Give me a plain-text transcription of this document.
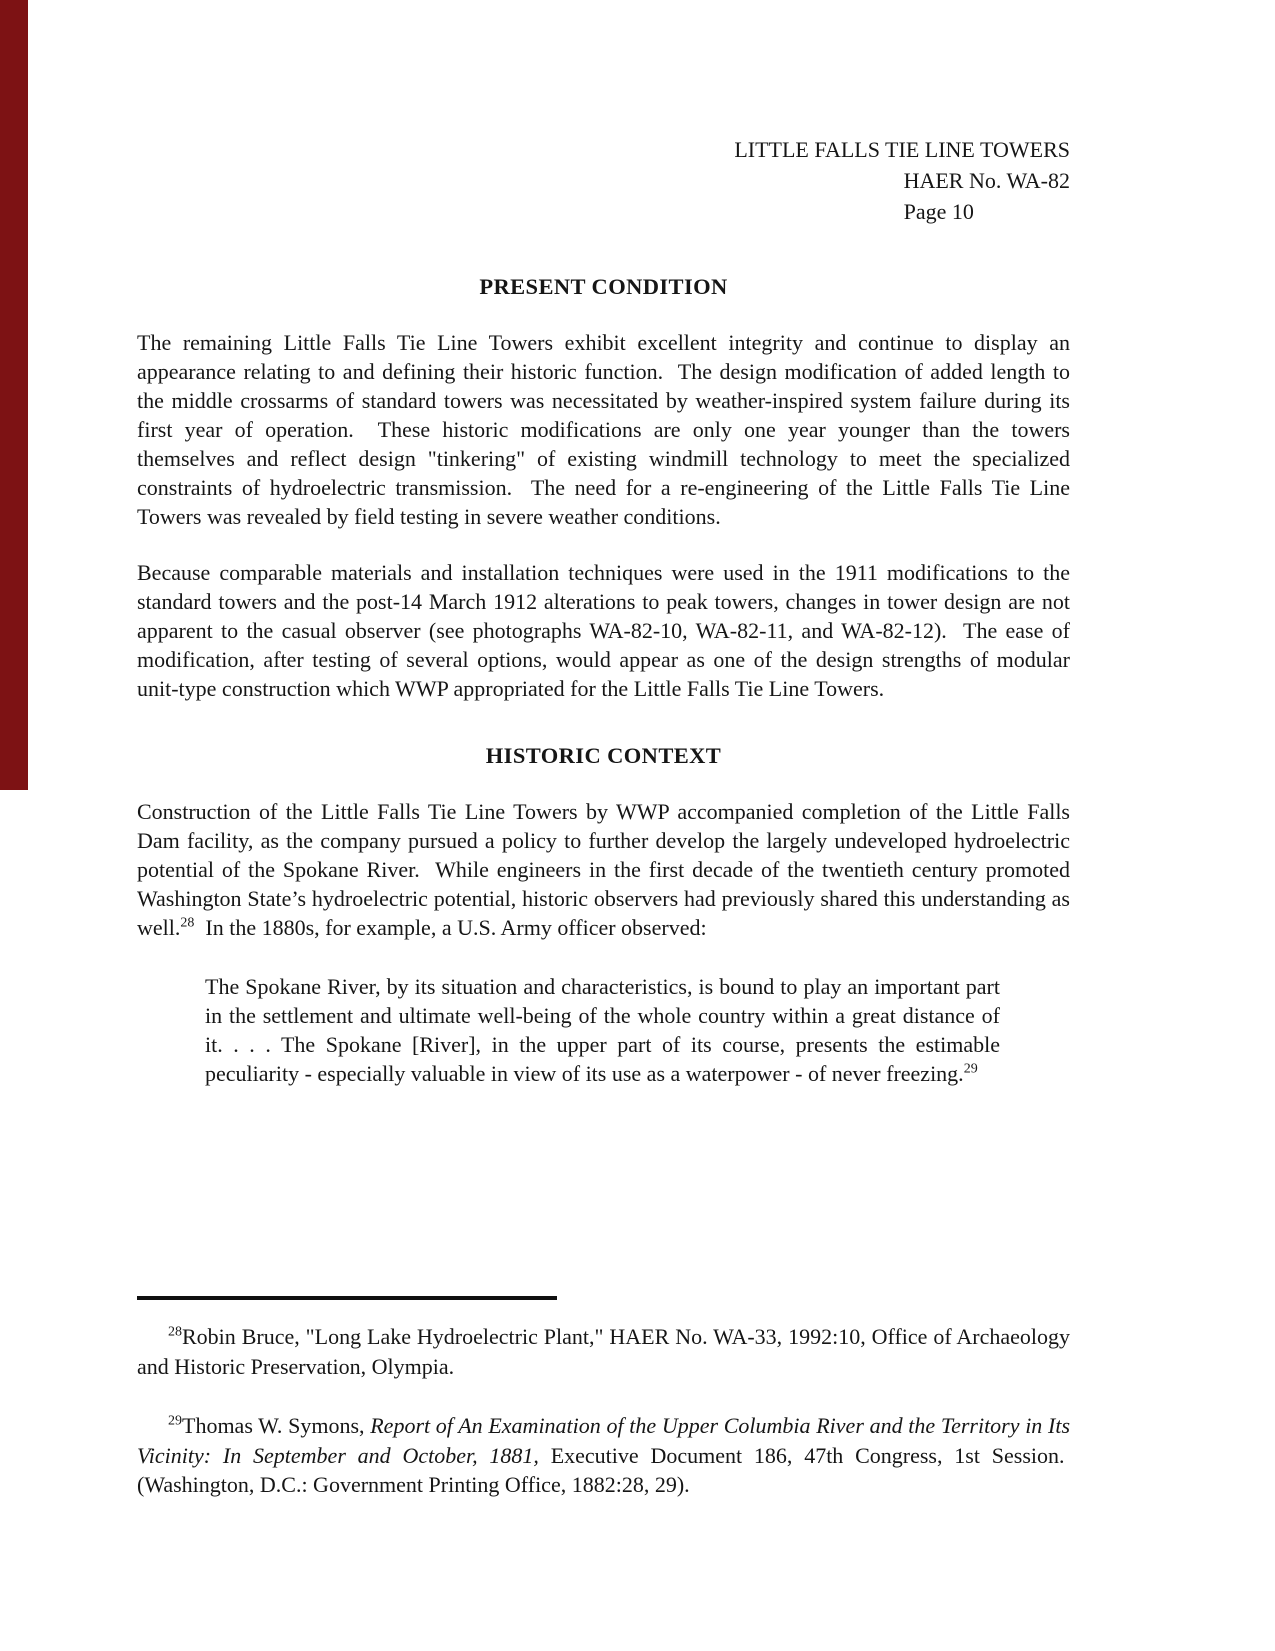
LITTLE FALLS TIE LINE TOWERS
HAER No. WA-82
Page 10
PRESENT CONDITION

The remaining Little Falls Tie Line Towers exhibit excellent integrity and continue to display an appearance relating to and defining their historic function.  The design modification of added length to the middle crossarms of standard towers was necessitated by weather-inspired system failure during its first year of operation.  These historic modifications are only one year younger than the towers themselves and reflect design "tinkering" of existing windmill technology to meet the specialized constraints of hydroelectric transmission.  The need for a re-engineering of the Little Falls Tie Line Towers was revealed by field testing in severe weather conditions.

Because comparable materials and installation techniques were used in the 1911 modifications to the standard towers and the post-14 March 1912 alterations to peak towers, changes in tower design are not apparent to the casual observer (see photographs WA-82-10, WA-82-11, and WA-82-12).  The ease of modification, after testing of several options, would appear as one of the design strengths of modular unit-type construction which WWP appropriated for the Little Falls Tie Line Towers.

HISTORIC CONTEXT

Construction of the Little Falls Tie Line Towers by WWP accompanied completion of the Little Falls Dam facility, as the company pursued a policy to further develop the largely undeveloped hydroelectric potential of the Spokane River.  While engineers in the first decade of the twentieth century promoted Washington State’s hydroelectric potential, historic observers had previously shared this understanding as well.$^{28}$  In the 1880s, for example, a U.S. Army officer observed:

The Spokane River, by its situation and characteristics, is bound to play an important part in the settlement and ultimate well-being of the whole country within a great distance of it. . . . The Spokane [River], in the upper part of its course, presents the estimable peculiarity - especially valuable in view of its use as a waterpower - of never freezing.$^{29}$

$^{28}$Robin Bruce, "Long Lake Hydroelectric Plant," HAER No. WA-33, 1992:10, Office of Archaeology and Historic Preservation, Olympia.

$^{29}$Thomas W. Symons, Report of An Examination of the Upper Columbia River and the Territory in Its Vicinity: In September and October, 1881, Executive Document 186, 47th Congress, 1st Session.  (Washington, D.C.: Government Printing Office, 1882:28, 29).
